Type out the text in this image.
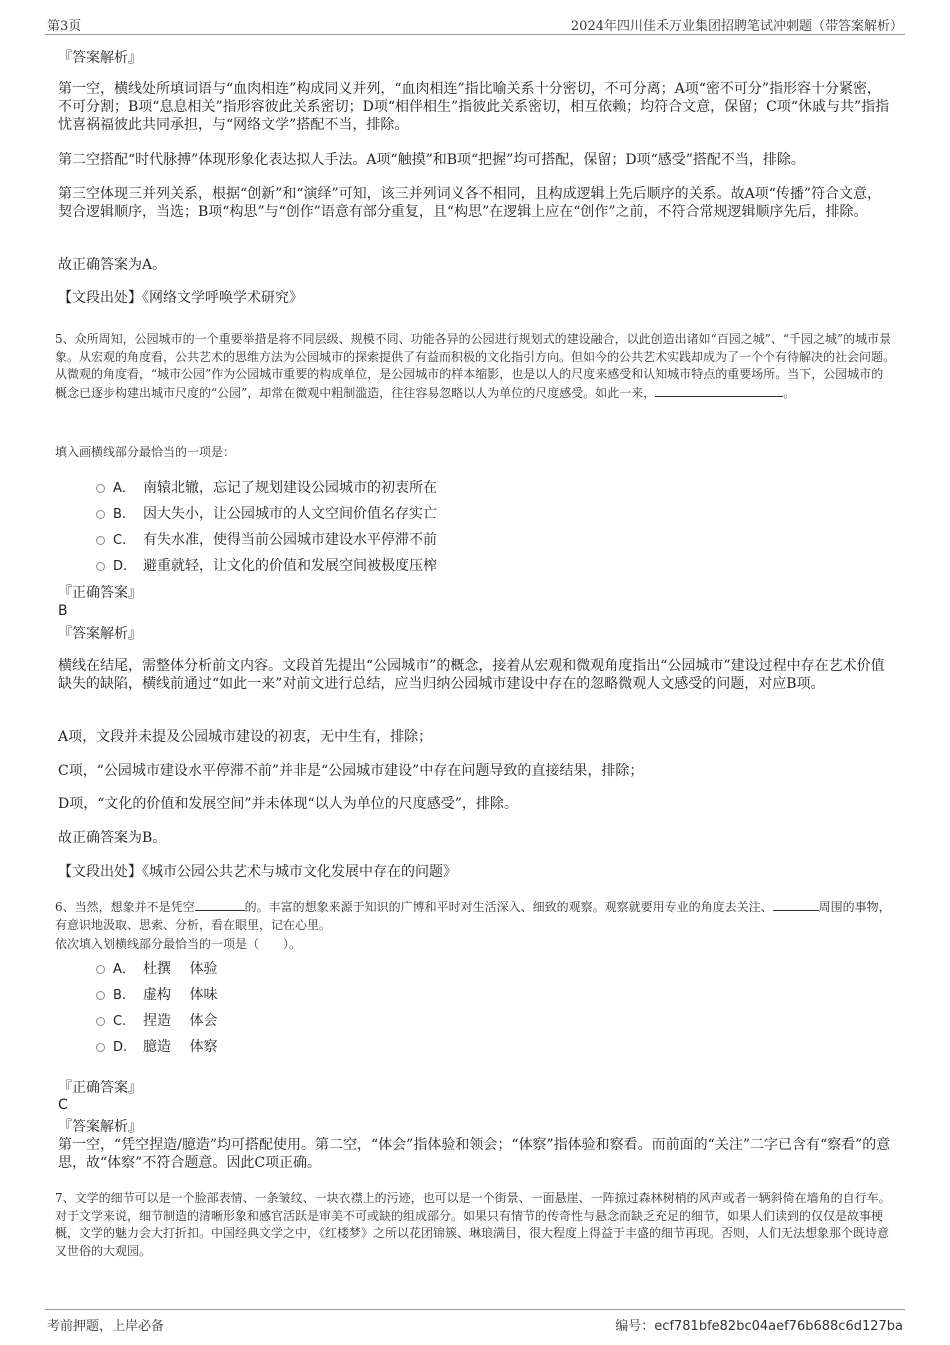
第3页	2024年四川佳禾万业集团招聘笔试冲刺题（带答案解析）
『答案解析』

第一空，横线处所填词语与“血肉相连”构成同义并列，“血肉相连”指比喻关系十分密切，不可分离；A项“密不可分”指形容十分紧密，不可分割；B项“息息相关”指形容彼此关系密切；D项“相伴相生”指彼此关系密切，相互依赖；均符合文意，保留；C项“休戚与共”指指忧喜祸福彼此共同承担，与“网络文学”搭配不当，排除。

第二空搭配“时代脉搏”体现形象化表达拟人手法。A项“触摸”和B项“把握”均可搭配，保留；D项“感受”搭配不当，排除。

第三空体现三并列关系，根据“创新”和“演绎”可知，该三并列词义各不相同，且构成逻辑上先后顺序的关系。故A项“传播”符合文意，契合逻辑顺序，当选；B项“构思”与“创作”语意有部分重复，且“构思”在逻辑上应在“创作”之前，不符合常规逻辑顺序先后，排除。

故正确答案为A。

【文段出处】《网络文学呼唤学术研究》

5、众所周知，公园城市的一个重要举措是将不同层级、规模不同、功能各异的公园进行规划式的建设融合，以此创造出诸如“百园之城”、“千园之城”的城市景象。从宏观的角度看，公共艺术的思维方法为公园城市的探索提供了有益而积极的文化指引方向。但如今的公共艺术实践却成为了一个个有待解决的社会问题。从微观的角度看，“城市公园”作为公园城市重要的构成单位，是公园城市的样本缩影，也是以人的尺度来感受和认知城市特点的重要场所。当下，公园城市的概念已逐步构建出城市尺度的“公园”，却常在微观中粗制滥造，往往容易忽略以人为单位的尺度感受。如此一来，	。

填入画横线部分最恰当的一项是：

A． 南辕北辙，忘记了规划建设公园城市的初衷所在
B. 因大失小，让公园城市的人文空间价值名存实亡
C. 有失水准，使得当前公园城市建设水平停滞不前
D. 避重就轻，让文化的价值和发展空间被极度压榨
『正确答案』
B
『答案解析』

横线在结尾，需整体分析前文内容。文段首先提出“公园城市”的概念，接着从宏观和微观角度指出“公园城市”建设过程中存在艺术价值缺失的缺陷，横线前通过“如此一来”对前文进行总结，应当归纳公园城市建设中存在的忽略微观人文感受的问题，对应B项。

A项，文段并未提及公园城市建设的初衷，无中生有，排除；

C项，“公园城市建设水平停滞不前”并非是“公园城市建设”中存在问题导致的直接结果，排除；

D项，“文化的价值和发展空间”并未体现“以人为单位的尺度感受”，排除。

故正确答案为B。

【文段出处】《城市公园公共艺术与城市文化发展中存在的问题》

6、当然，想象并不是凭空	的。丰富的想象来源于知识的广博和平时对生活深入、细致的观察。观察就要用专业的角度去关注、	周围的事物，有意识地汲取、思索、分析，看在眼里，记在心里。

依次填入划横线部分最恰当的一项是（　　）。

A． 杜撰　 体验
B. 虚构　 体味
C. 捏造　 体会
D. 臆造　 体察
『正确答案』
C
『答案解析』

第一空，“凭空捏造/臆造”均可搭配使用。第二空，“体会”指体验和领会；“体察”指体验和察看。而前面的“关注”二字已含有“察看”的意思，故“体察”不符合题意。因此C项正确。

7、文学的细节可以是一个脸部表情、一条皱纹、一块衣襟上的污迹，也可以是一个街景、一面悬崖、一阵掠过森林树梢的风声或者一辆斜倚在墙角的自行车。对于文学来说，细节制造的清晰形象和感官活跃是审美不可或缺的组成部分。如果只有情节的传奇性与悬念而缺乏充足的细节，如果人们读到的仅仅是故事梗概，文学的魅力会大打折扣。中国经典文学之中，《红楼梦》之所以花团锦簇、琳琅满目，很大程度上得益于丰盛的细节再现。否则，人们无法想象那个既诗意又世俗的大观园。

考前押题，上岸必备	编号：ecf781bfe82bc04aef76b688c6d127ba
